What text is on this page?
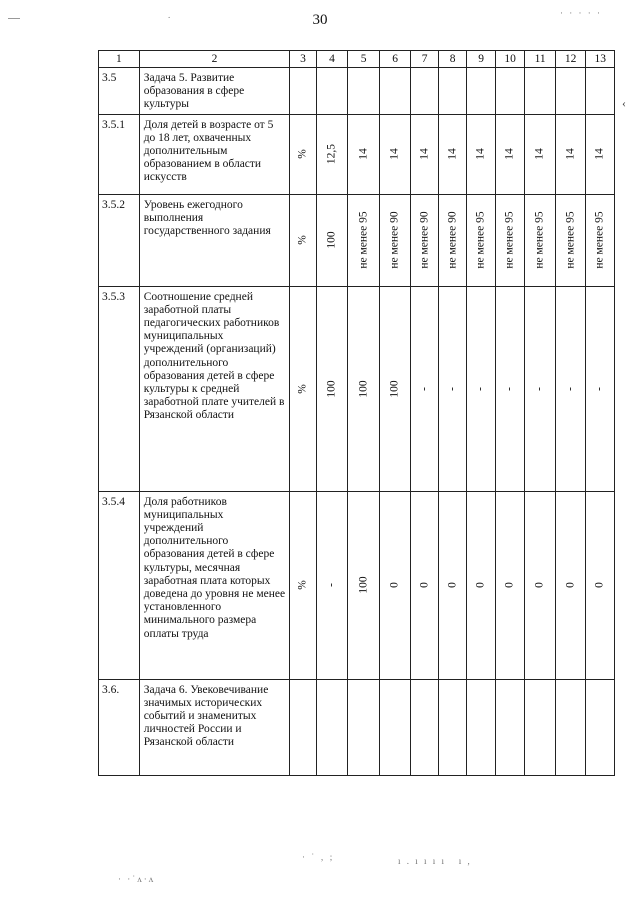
30
.	· · · · ·
‹
· ˙ ‚ ;	ı . ı ı ı ı   ı ,
· ·˙ʌ·ʌ
1	2	3	4	5	6	7	8	9	10	11	12	13
3.5	Задача 5. Развитие образования в сфере культуры	

3.5.1	Доля детей в возрасте от 5 до 18 лет, охваченных дополнительным образованием в области искусств	%	12,5	14	14	14	14	14	14	14	14	14

3.5.2	Уровень ежегодного выполнения государственного задания	%	100	не менее 95	не менее 90	не менее 90	не менее 90	не менее 95	не менее 95	не менее 95	не менее 95	не менее 95

3.5.3	Соотношение средней заработной платы педагогических работников муниципальных учреждений (организаций) дополнительного образования детей в сфере культуры к средней заработной плате учителей в Рязанской области	%	100	100	100	-	-	-	-	-	-	-

3.5.4	Доля работников муниципальных учреждений дополнительного образования детей в сфере культуры, месячная заработная плата которых доведена до уровня не менее установленного минимального размера оплаты труда	%	-	100	0	0	0	0	0	0	0	0

3.6.	Задача 6. Увековечивание значимых исторических событий и знаменитых личностей России и Рязанской области	
